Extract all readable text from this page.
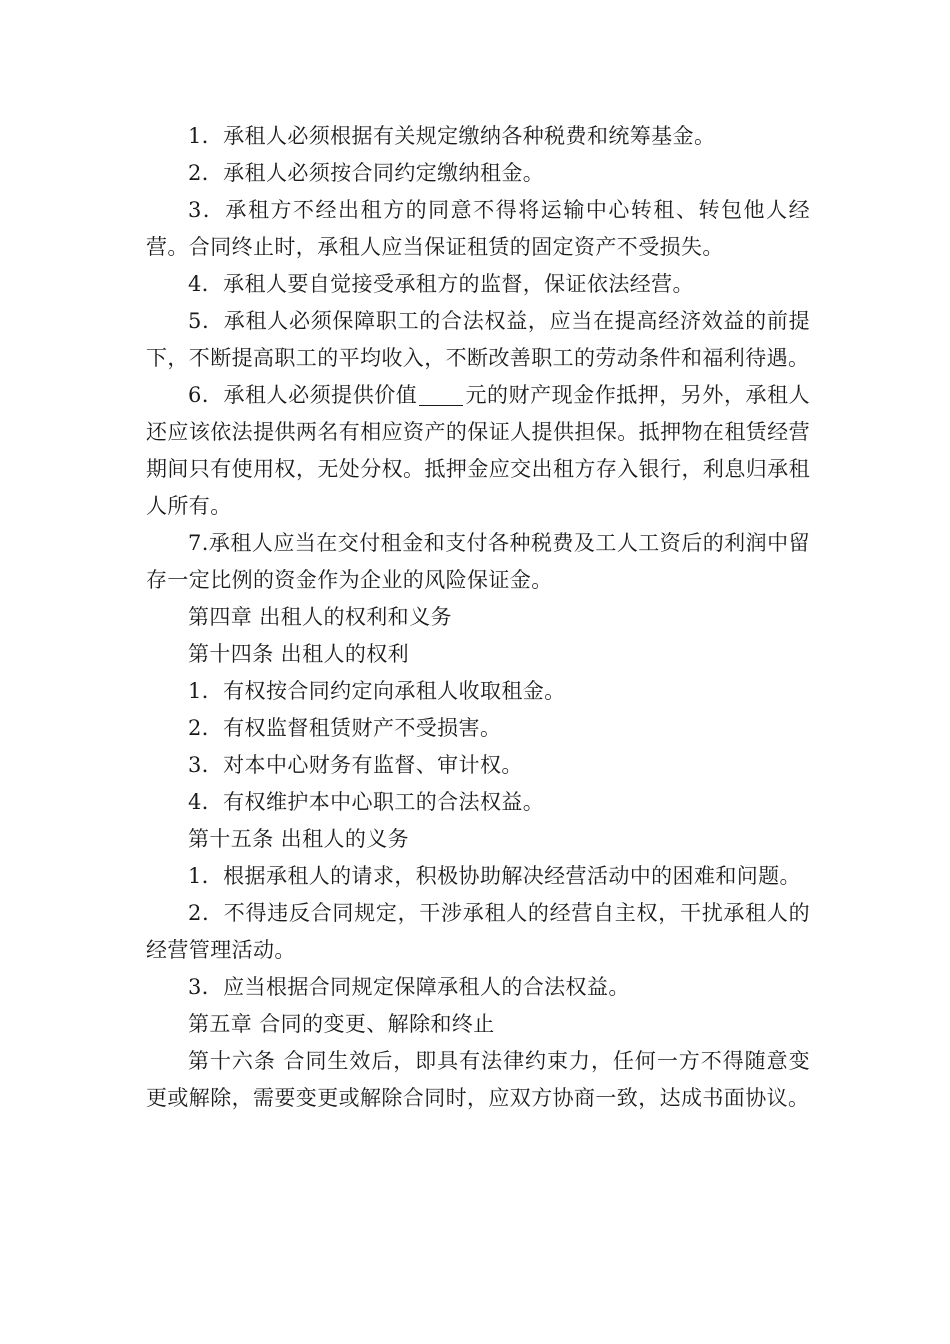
1．承租人必须根据有关规定缴纳各种税费和统筹基金。

2．承租人必须按合同约定缴纳租金。

3．承租方不经出租方的同意不得将运输中心转租、转包他人经营。合同终止时，承租人应当保证租赁的固定资产不受损失。

4．承租人要自觉接受承租方的监督，保证依法经营。

5．承租人必须保障职工的合法权益，应当在提高经济效益的前提下，不断提高职工的平均收入，不断改善职工的劳动条件和福利待遇。

6．承租人必须提供价值 元的财产现金作抵押，另外，承租人还应该依法提供两名有相应资产的保证人提供担保。抵押物在租赁经营期间只有使用权，无处分权。抵押金应交出租方存入银行，利息归承租人所有。

7.承租人应当在交付租金和支付各种税费及工人工资后的利润中留存一定比例的资金作为企业的风险保证金。

第四章 出租人的权利和义务

第十四条 出租人的权利

1．有权按合同约定向承租人收取租金。

2．有权监督租赁财产不受损害。

3．对本中心财务有监督、审计权。

4．有权维护本中心职工的合法权益。

第十五条 出租人的义务

1．根据承租人的请求，积极协助解决经营活动中的困难和问题。

2．不得违反合同规定，干涉承租人的经营自主权，干扰承租人的经营管理活动。

3．应当根据合同规定保障承租人的合法权益。

第五章 合同的变更、解除和终止

第十六条 合同生效后，即具有法律约束力，任何一方不得随意变更或解除，需要变更或解除合同时，应双方协商一致，达成书面协议。
